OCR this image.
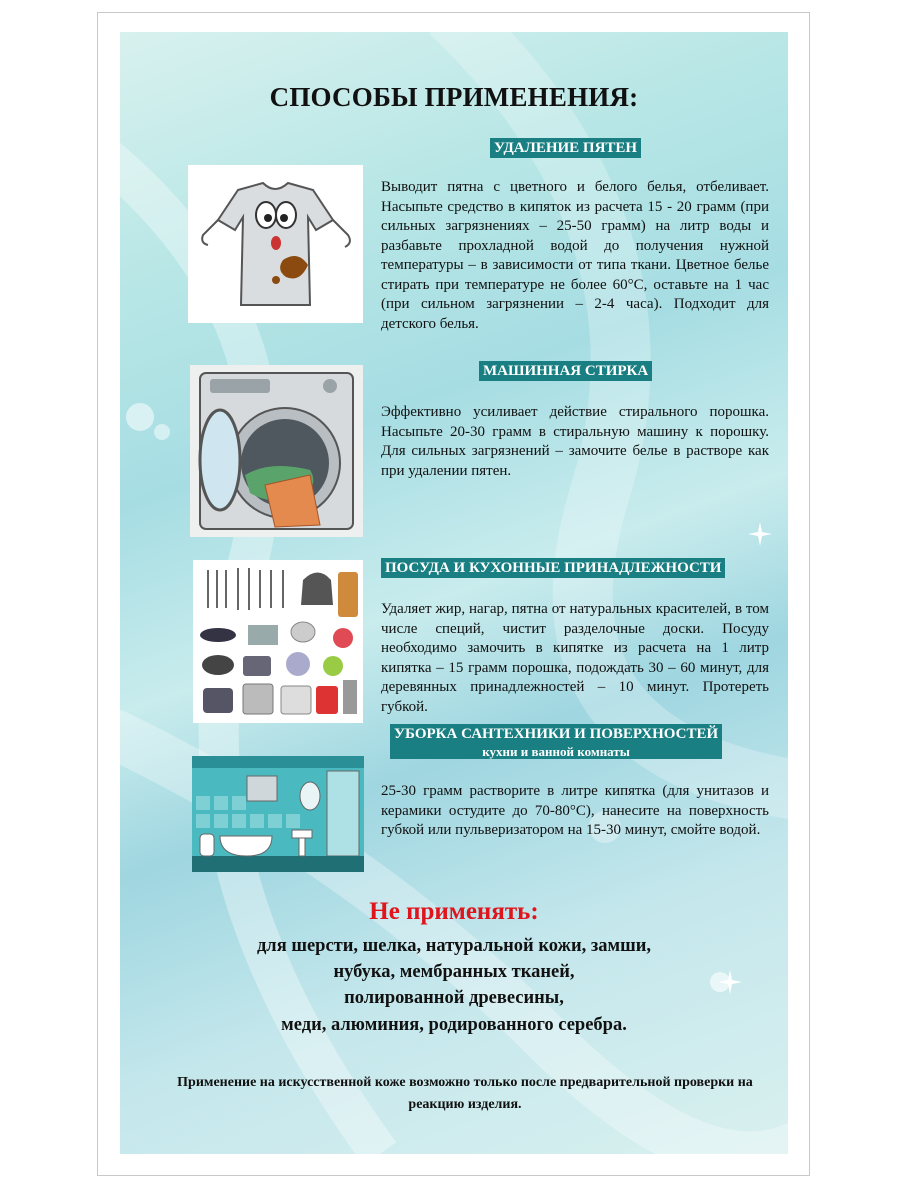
СПОСОБЫ ПРИМЕНЕНИЯ:
УДАЛЕНИЕ ПЯТЕН
Выводит пятна с цветного и белого белья, отбеливает. Насыпьте средство в кипяток из расчета 15 - 20 грамм (при сильных загрязнениях – 25-50 грамм) на литр воды и разбавьте прохладной водой до получения нужной температуры – в зависимости от типа ткани. Цветное белье стирать при температуре не более 60°C, оставьте на 1 час (при сильном загрязнении – 2-4 часа). Подходит для детского белья.
МАШИННАЯ СТИРКА
Эффективно усиливает действие стирального порошка. Насыпьте 20-30 грамм в стиральную машину к порошку. Для сильных загрязнений – замочите белье в растворе как при удалении пятен.
ПОСУДА И КУХОННЫЕ ПРИНАДЛЕЖНОСТИ
Удаляет жир, нагар, пятна от натуральных красителей, в том числе специй, чистит разделочные доски. Посуду необходимо замочить в кипятке из расчета на 1 литр кипятка – 15 грамм порошка, подождать 30 – 60 минут, для деревянных принадлежностей – 10 минут. Протереть губкой.
УБОРКА САНТЕХНИКИ И ПОВЕРХНОСТЕЙ
кухни и ванной комнаты
25-30 грамм растворите в литре кипятка (для унитазов и керамики остудите до 70-80°C), нанесите на поверхность губкой или пульверизатором на 15-30 минут, смойте водой.
Не применять:
для шерсти, шелка, натуральной кожи, замши,
нубука, мембранных тканей,
полированной древесины,
меди, алюминия, родированного серебра.
Применение на искусственной коже возможно только после предварительной проверки на реакцию изделия.
